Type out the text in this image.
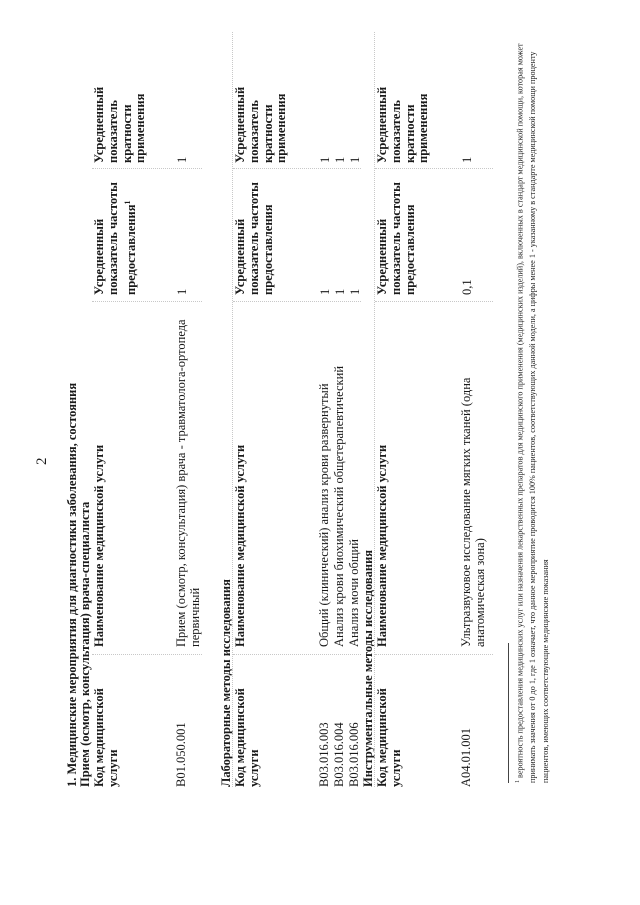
2 1. Медицинские мероприятия для диагностики заболевания, состояния Прием (осмотр, консультация) врача-специалиста Код медицинской услуги
Наименование медицинской услуги
Усредненный показатель частоты предоставления$^1$
Усредненный показатель кратности применения
B01.050.001
Прием (осмотр, консультация) врача - травматолога-ортопеда первичный
1
1
Лабораторные методы исследования Код медицинской услуги
Наименование медицинской услуги
Усредненный показатель частоты предоставления
Усредненный показатель кратности применения
B03.016.003
Общий (клинический) анализ крови развернутый
1
1
B03.016.004
Анализ крови биохимический общетерапевтический
1
1
B03.016.006
Анализ мочи общий
1
1
Инструментальные методы исследования Код медицинской услуги
Наименование медицинской услуги
Усредненный показатель частоты предоставления
Усредненный показатель кратности применения
A04.01.001
Ультразвуковое исследование мягких тканей (одна анатомическая зона)
0,1
1
$^1$ вероятность предоставления медицинских услуг или назначения лекарственных препаратов для медицинского применения (медицинских изделий), включенных в стандарт медицинской помощи, которая может принимать значения от 0 до 1, где 1 означает, что данное мероприятие проводится 100% пациентов, соответствующих данной модели, а цифры менее 1 - указанному в стандарте медицинской помощи проценту пациентов, имеющих соответствующие медицинские показания
